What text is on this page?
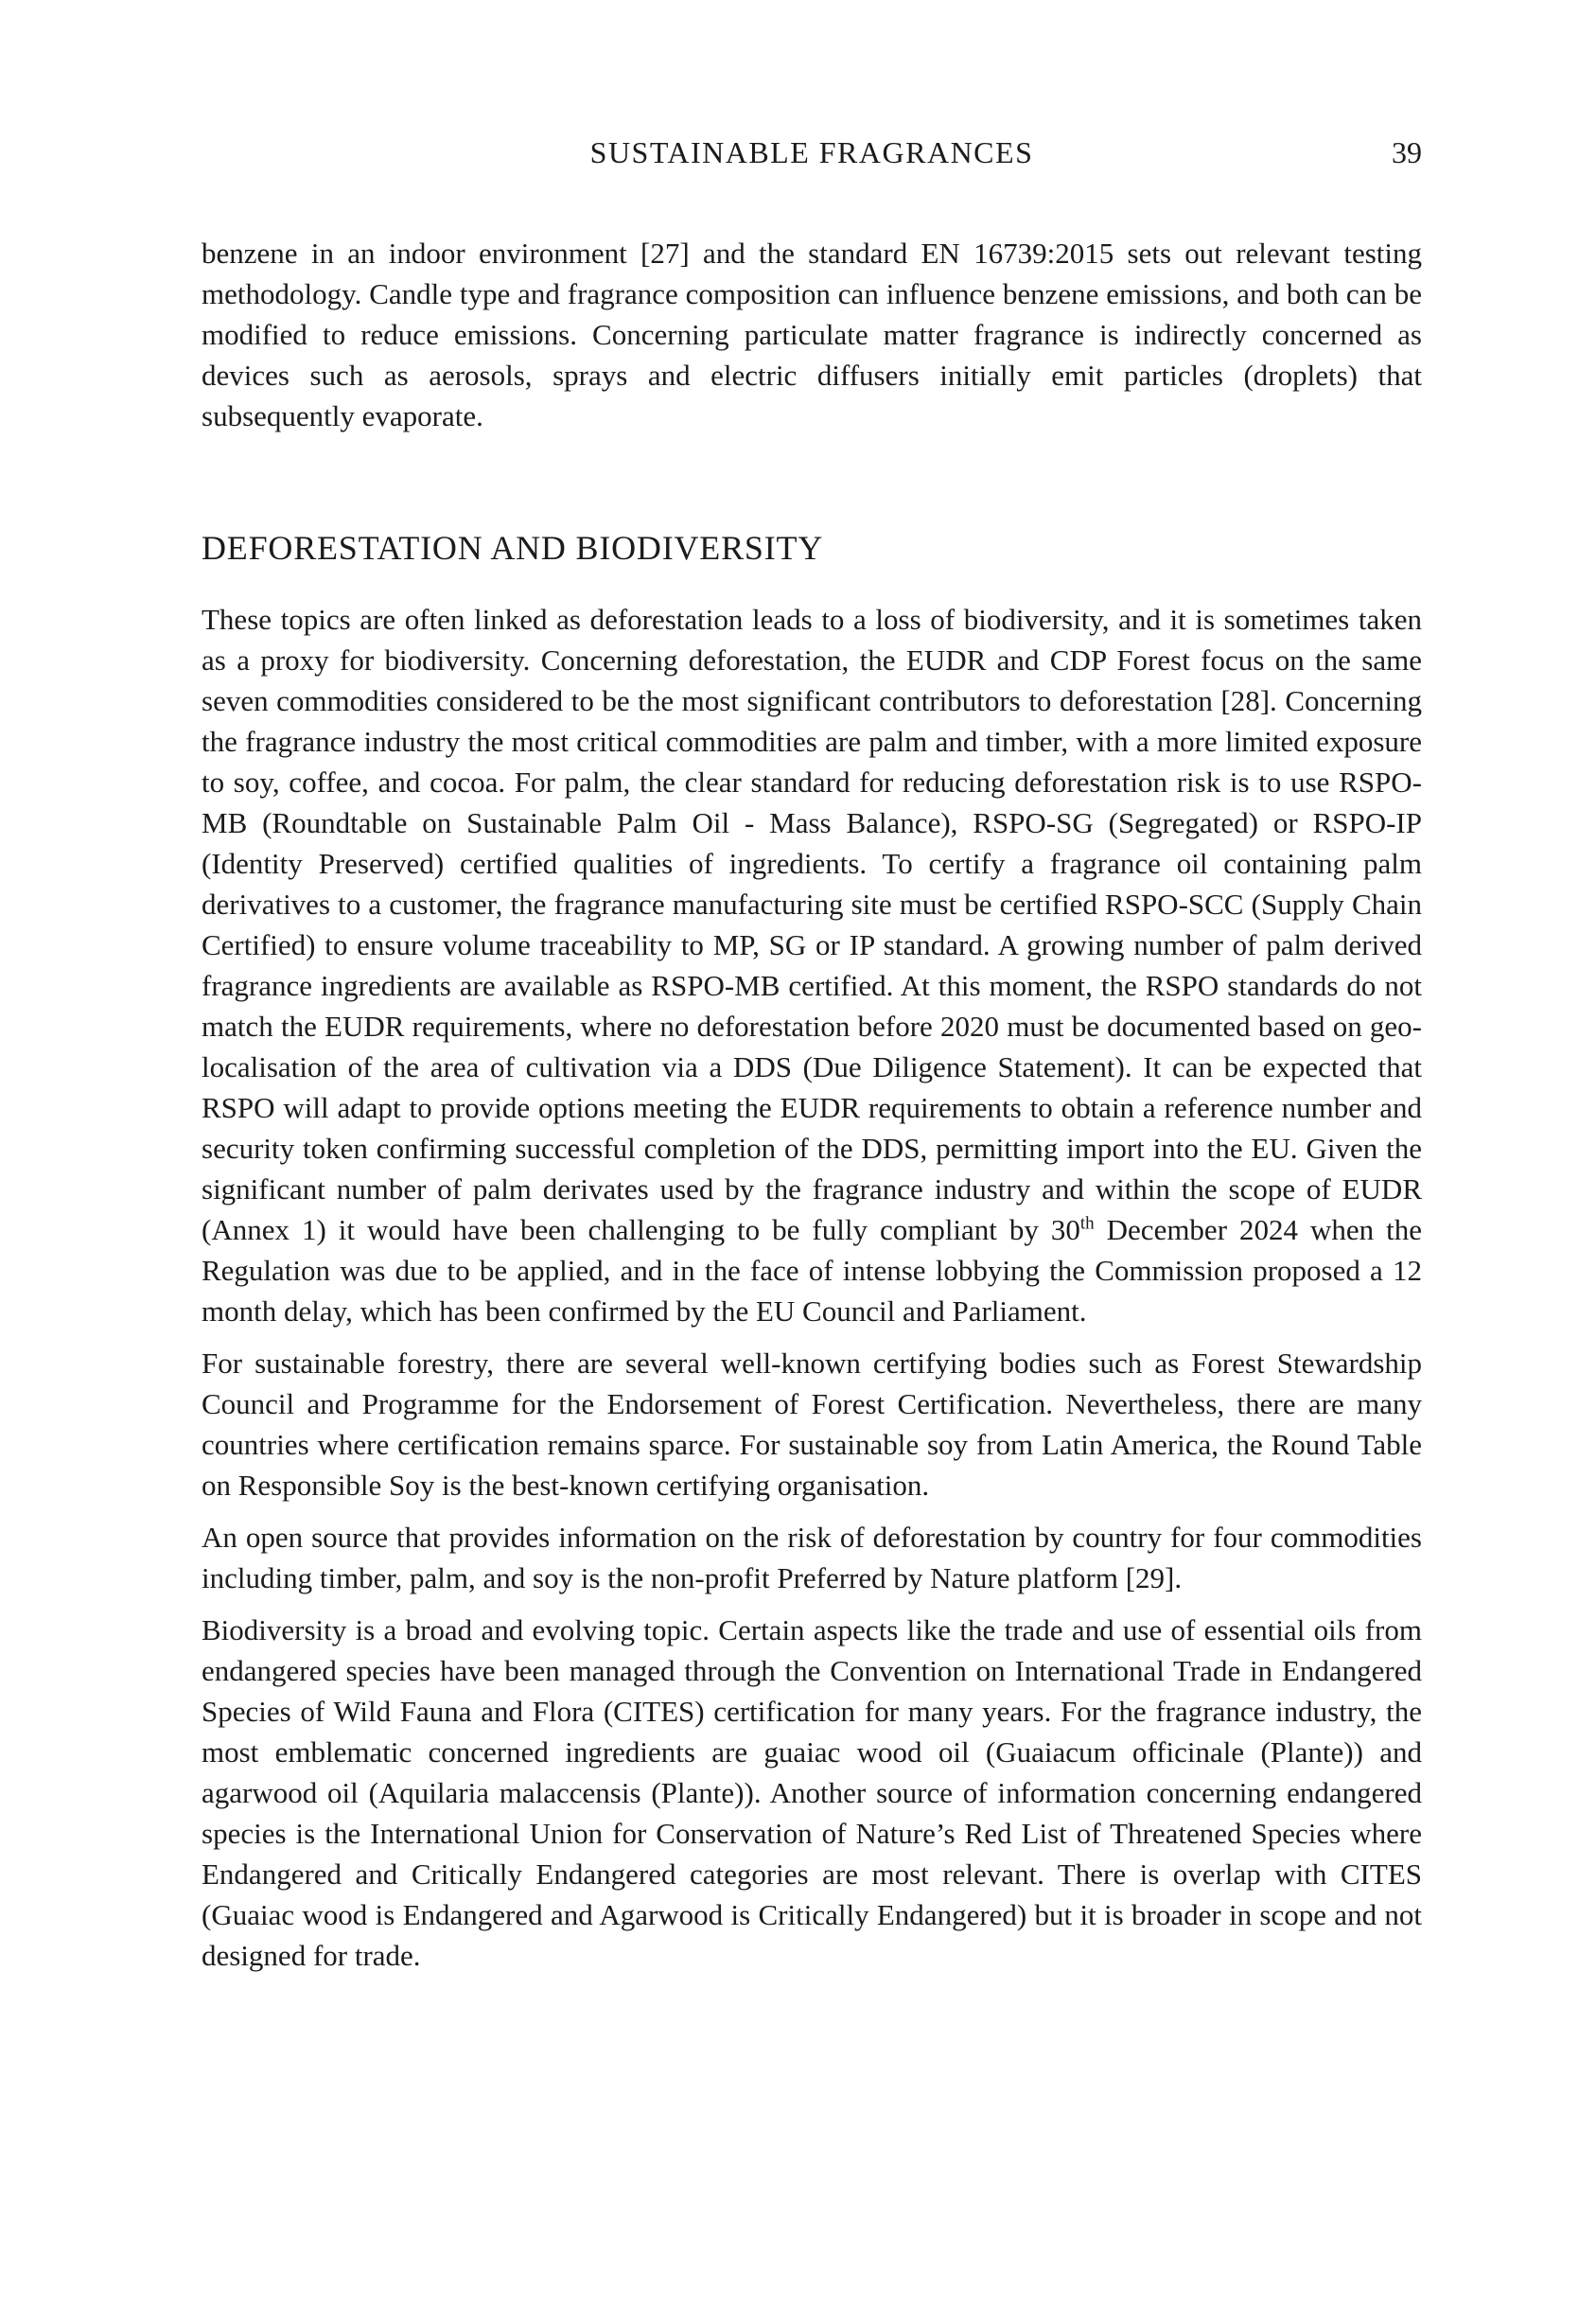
SUSTAINABLE FRAGRANCES	39

benzene in an indoor environment [27] and the standard EN 16739:2015 sets out relevant testing methodology. Candle type and fragrance composition can influence benzene emissions, and both can be modified to reduce emissions. Concerning particulate matter fragrance is indirectly concerned as devices such as aerosols, sprays and electric diffusers initially emit particles (droplets) that subsequently evaporate.

DEFORESTATION AND BIODIVERSITY

These topics are often linked as deforestation leads to a loss of biodiversity, and it is sometimes taken as a proxy for biodiversity. Concerning deforestation, the EUDR and CDP Forest focus on the same seven commodities considered to be the most significant contributors to deforestation [28]. Concerning the fragrance industry the most critical commodities are palm and timber, with a more limited exposure to soy, coffee, and cocoa. For palm, the clear standard for reducing deforestation risk is to use RSPO-MB (Roundtable on Sustainable Palm Oil - Mass Balance), RSPO-SG (Segregated) or RSPO-IP (Identity Preserved) certified qualities of ingredients. To certify a fragrance oil containing palm derivatives to a customer, the fragrance manufacturing site must be certified RSPO-SCC (Supply Chain Certified) to ensure volume traceability to MP, SG or IP standard. A growing number of palm derived fragrance ingredients are available as RSPO-MB certified. At this moment, the RSPO standards do not match the EUDR requirements, where no deforestation before 2020 must be documented based on geo-localisation of the area of cultivation via a DDS (Due Diligence Statement). It can be expected that RSPO will adapt to provide options meeting the EUDR requirements to obtain a reference number and security token confirming successful completion of the DDS, permitting import into the EU. Given the significant number of palm derivates used by the fragrance industry and within the scope of EUDR (Annex 1) it would have been challenging to be fully compliant by 30th December 2024 when the Regulation was due to be applied, and in the face of intense lobbying the Commission proposed a 12 month delay, which has been confirmed by the EU Council and Parliament.

For sustainable forestry, there are several well-known certifying bodies such as Forest Stewardship Council and Programme for the Endorsement of Forest Certification. Nevertheless, there are many countries where certification remains sparce. For sustainable soy from Latin America, the Round Table on Responsible Soy is the best-known certifying organisation.

An open source that provides information on the risk of deforestation by country for four commodities including timber, palm, and soy is the non-profit Preferred by Nature platform [29].

Biodiversity is a broad and evolving topic. Certain aspects like the trade and use of essential oils from endangered species have been managed through the Convention on International Trade in Endangered Species of Wild Fauna and Flora (CITES) certification for many years. For the fragrance industry, the most emblematic concerned ingredients are guaiac wood oil (Guaiacum officinale (Plante)) and agarwood oil (Aquilaria malaccensis (Plante)). Another source of information concerning endangered species is the International Union for Conservation of Nature’s Red List of Threatened Species where Endangered and Critically Endangered categories are most relevant. There is overlap with CITES (Guaiac wood is Endangered and Agarwood is Critically Endangered) but it is broader in scope and not designed for trade.
